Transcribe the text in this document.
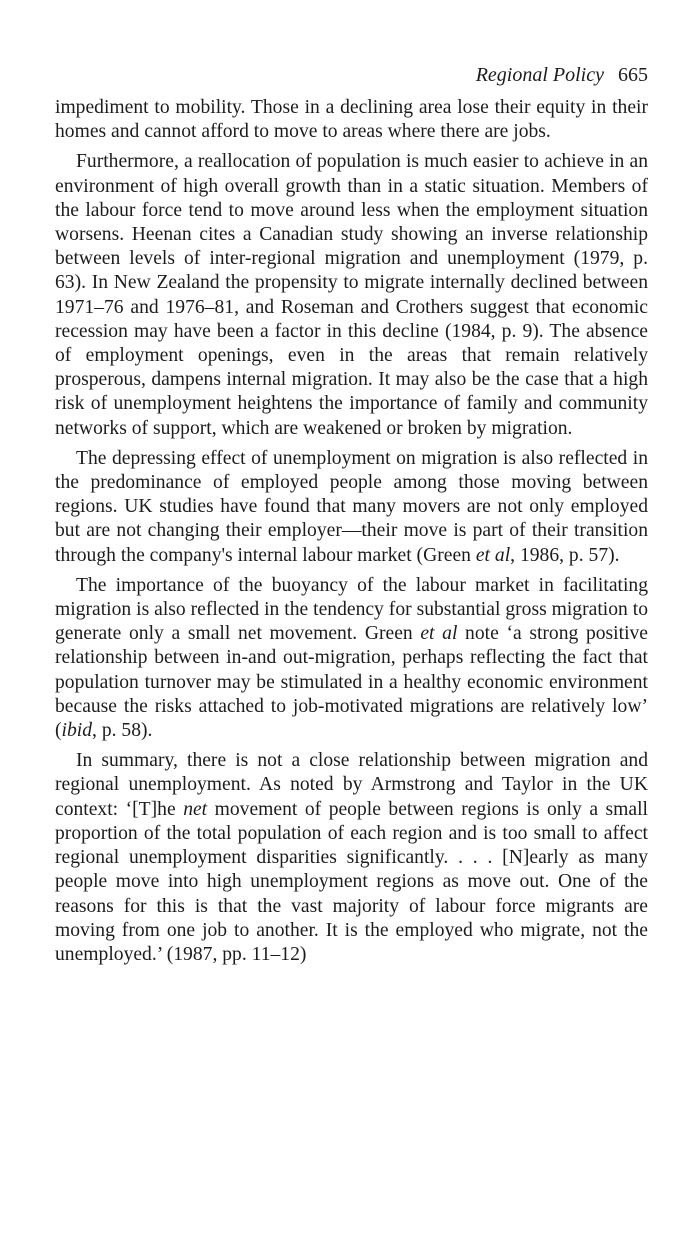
Regional Policy 665

impediment to mobility. Those in a declining area lose their equity in their homes and cannot afford to move to areas where there are jobs.

Furthermore, a reallocation of population is much easier to achieve in an environment of high overall growth than in a static situation. Members of the labour force tend to move around less when the employment situation worsens. Heenan cites a Canadian study showing an inverse relationship between levels of inter-regional migration and unemployment (1979, p. 63). In New Zealand the propensity to migrate internally declined between 1971–76 and 1976–81, and Roseman and Crothers suggest that economic recession may have been a factor in this decline (1984, p. 9). The absence of employment openings, even in the areas that remain relatively prosperous, dampens internal migration. It may also be the case that a high risk of unemployment heightens the importance of family and community networks of support, which are weakened or broken by migration.

The depressing effect of unemployment on migration is also reflected in the predominance of employed people among those moving between regions. UK studies have found that many movers are not only employed but are not changing their employer—their move is part of their transition through the company's internal labour market (Green et al, 1986, p. 57).

The importance of the buoyancy of the labour market in facilitating migration is also reflected in the tendency for substantial gross migration to generate only a small net movement. Green et al note ‘a strong positive relationship between in-and out-migration, perhaps reflecting the fact that population turnover may be stimulated in a healthy economic environment because the risks attached to job-motivated migrations are relatively low’ (ibid, p. 58).

In summary, there is not a close relationship between migration and regional unemployment. As noted by Armstrong and Taylor in the UK context: ‘[T]he net movement of people between regions is only a small proportion of the total population of each region and is too small to affect regional unemployment disparities significantly. . . . [N]early as many people move into high unemployment regions as move out. One of the reasons for this is that the vast majority of labour force migrants are moving from one job to another. It is the employed who migrate, not the unemployed.’ (1987, pp. 11–12)
